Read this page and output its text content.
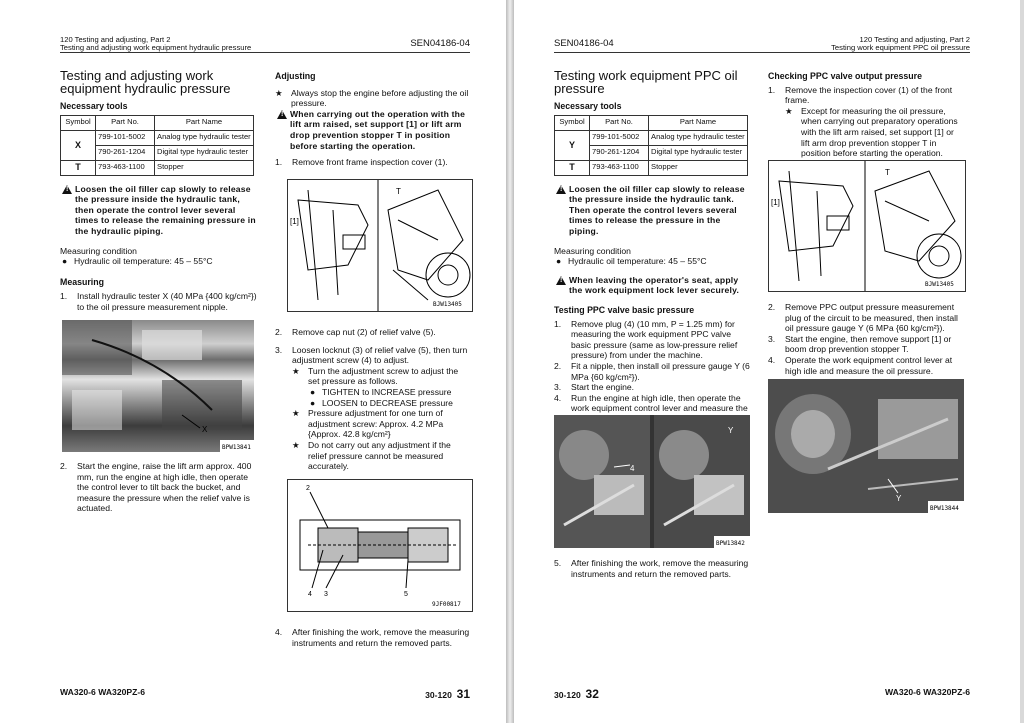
120 Testing and adjusting, Part 2
Testing and adjusting work equipment hydraulic pressure	SEN04186-04
Testing and adjusting work equipment hydraulic pressure
Necessary tools
Symbol	Part No.	Part Name
X	799-101-5002	Analog type hydraulic tester
	790-261-1204	Digital type hydraulic tester
T	793-463-1100	Stopper

!
Loosen the oil filler cap slowly to release the pressure inside the hydraulic tank, then operate the control lever several times to release the remaining pressure in the hydraulic piping.

Measuring condition

● Hydraulic oil temperature: 45 – 55°C

Measuring

1. Install hydraulic tester X (40 MPa {400 kg/cm²}) to the oil pressure measurement nipple.

X
BPW13841

2. Start the engine, raise the lift arm approx. 400 mm, run the engine at high idle, then operate the control lever to tilt back the bucket, and measure the pressure when the relief valve is actuated.

Adjusting

★ Always stop the engine before adjusting the oil pressure.

!
When carrying out the operation with the lift arm raised, set support [1] or lift arm drop prevention stopper T in position before starting the operation.

1. Remove front frame inspection cover (1).

T
[1]
BJW13405

2. Remove cap nut (2) of relief valve (5).

3. Loosen locknut (3) of relief valve (5), then turn adjustment screw (4) to adjust.

★ Turn the adjustment screw to adjust the set pressure as follows.

● TIGHTEN to INCREASE pressure

● LOOSEN to DECREASE pressure

★ Pressure adjustment for one turn of adjustment screw: Approx. 4.2 MPa {Approx. 42.8 kg/cm²}

★ Do not carry out any adjustment if the relief pressure cannot be measured accurately.

2
4 3	5
9JF00817

4. After finishing the work, remove the measuring instruments and return the removed parts.

WA320-6 WA320PZ-6	30-120 31
SEN04186-04	120 Testing and adjusting, Part 2
Testing work equipment PPC oil pressure
Testing work equipment PPC oil pressure
Necessary tools
Symbol	Part No.	Part Name
Y	799-101-5002	Analog type hydraulic tester
	790-261-1204	Digital type hydraulic tester
T	793-463-1100	Stopper

!
Loosen the oil filler cap slowly to release the pressure inside the hydraulic tank. Then operate the control levers several times to release the pressure in the piping.

Measuring condition

● Hydraulic oil temperature: 45 – 55°C

!
When leaving the operator's seat, apply the work equipment lock lever securely.

Testing PPC valve basic pressure

1. Remove plug (4) (10 mm, P = 1.25 mm) for measuring the work equipment PPC valve basic pressure (same as low-pressure relief pressure) from under the machine.

2. Fit a nipple, then install oil pressure gauge Y (6 MPa {60 kg/cm²}).

3. Start the engine.

4. Run the engine at high idle, then operate the work equipment control lever and measure the

4
Y
BPW13842

5. After finishing the work, remove the measuring instruments and return the removed parts.

Checking PPC valve output pressure

1. Remove the inspection cover (1) of the front frame.

★ Except for measuring the oil pressure, when carrying out preparatory operations with the lift arm raised, set support [1] or lift arm drop prevention stopper T in position before starting the operation.

T
[1]
BJW13405

2. Remove PPC output pressure measurement plug of the circuit to be measured, then install oil pressure gauge Y (6 MPa {60 kg/cm²}).

3. Start the engine, then remove support [1] or boom drop prevention stopper T.

4. Operate the work equipment control lever at high idle and measure the oil pressure.

Y
BPW13844
30-120 32	WA320-6 WA320PZ-6
